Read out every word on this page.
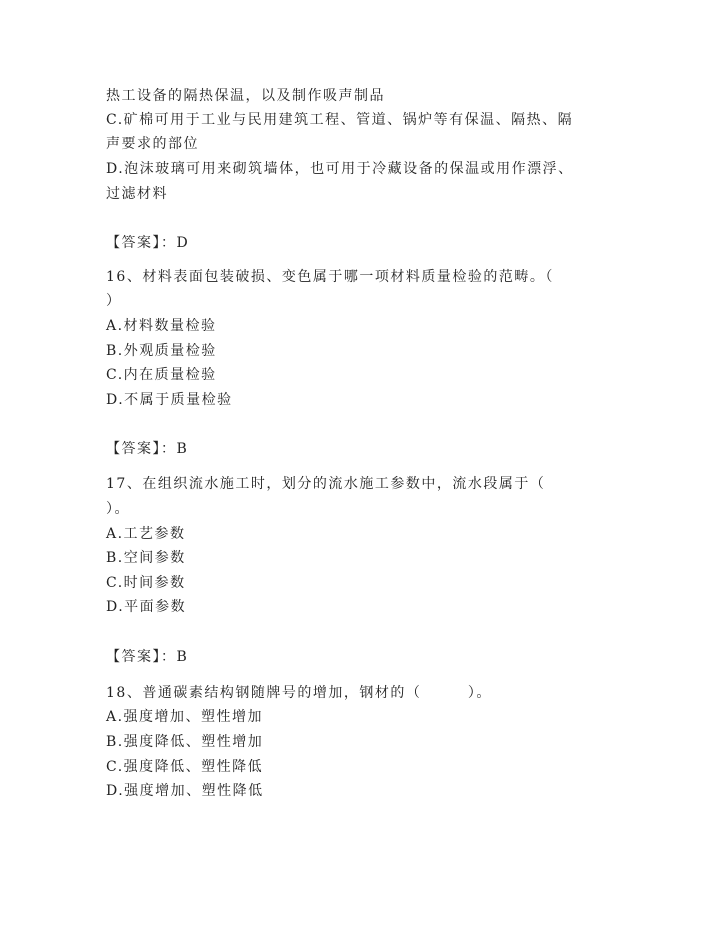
热工设备的隔热保温，以及制作吸声制品
C.矿棉可用于工业与民用建筑工程、管道、锅炉等有保温、隔热、隔
声要求的部位
D.泡沫玻璃可用来砌筑墙体，也可用于冷藏设备的保温或用作漂浮、
过滤材料
【答案】：D
16、材料表面包装破损、变色属于哪一项材料质量检验的范畴。（
）
A.材料数量检验
B.外观质量检验
C.内在质量检验
D.不属于质量检验
【答案】：B
17、在组织流水施工时，划分的流水施工参数中，流水段属于（
）。
A.工艺参数
B.空间参数
C.时间参数
D.平面参数
【答案】：B
18、普通碳素结构钢随牌号的增加，钢材的（　　　）。
A.强度增加、塑性增加
B.强度降低、塑性增加
C.强度降低、塑性降低
D.强度增加、塑性降低
